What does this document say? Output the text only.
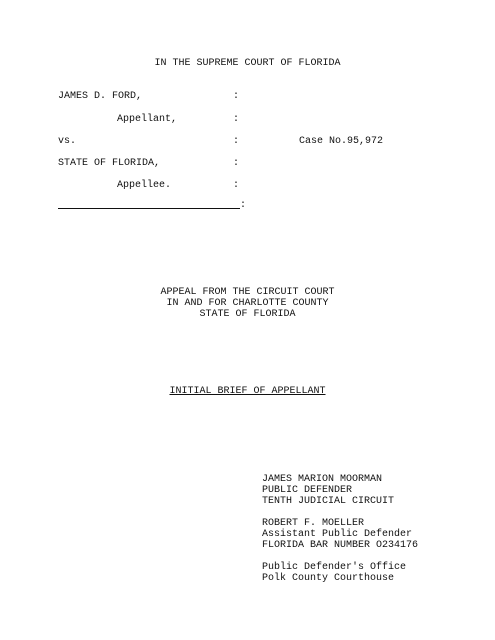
IN THE SUPREME COURT OF FLORIDA
JAMES D. FORD,	:
Appellant,	:
vs.	:	Case No.95,972
STATE OF FLORIDA,	:
Appellee.	:
:
APPEAL FROM THE CIRCUIT COURT
IN AND FOR CHARLOTTE COUNTY
STATE OF FLORIDA
INITIAL BRIEF OF APPELLANT
JAMES MARION MOORMAN
PUBLIC DEFENDER
TENTH JUDICIAL CIRCUIT
ROBERT F. MOELLER
Assistant Public Defender
FLORIDA BAR NUMBER O234176
Public Defender's Office
Polk County Courthouse
